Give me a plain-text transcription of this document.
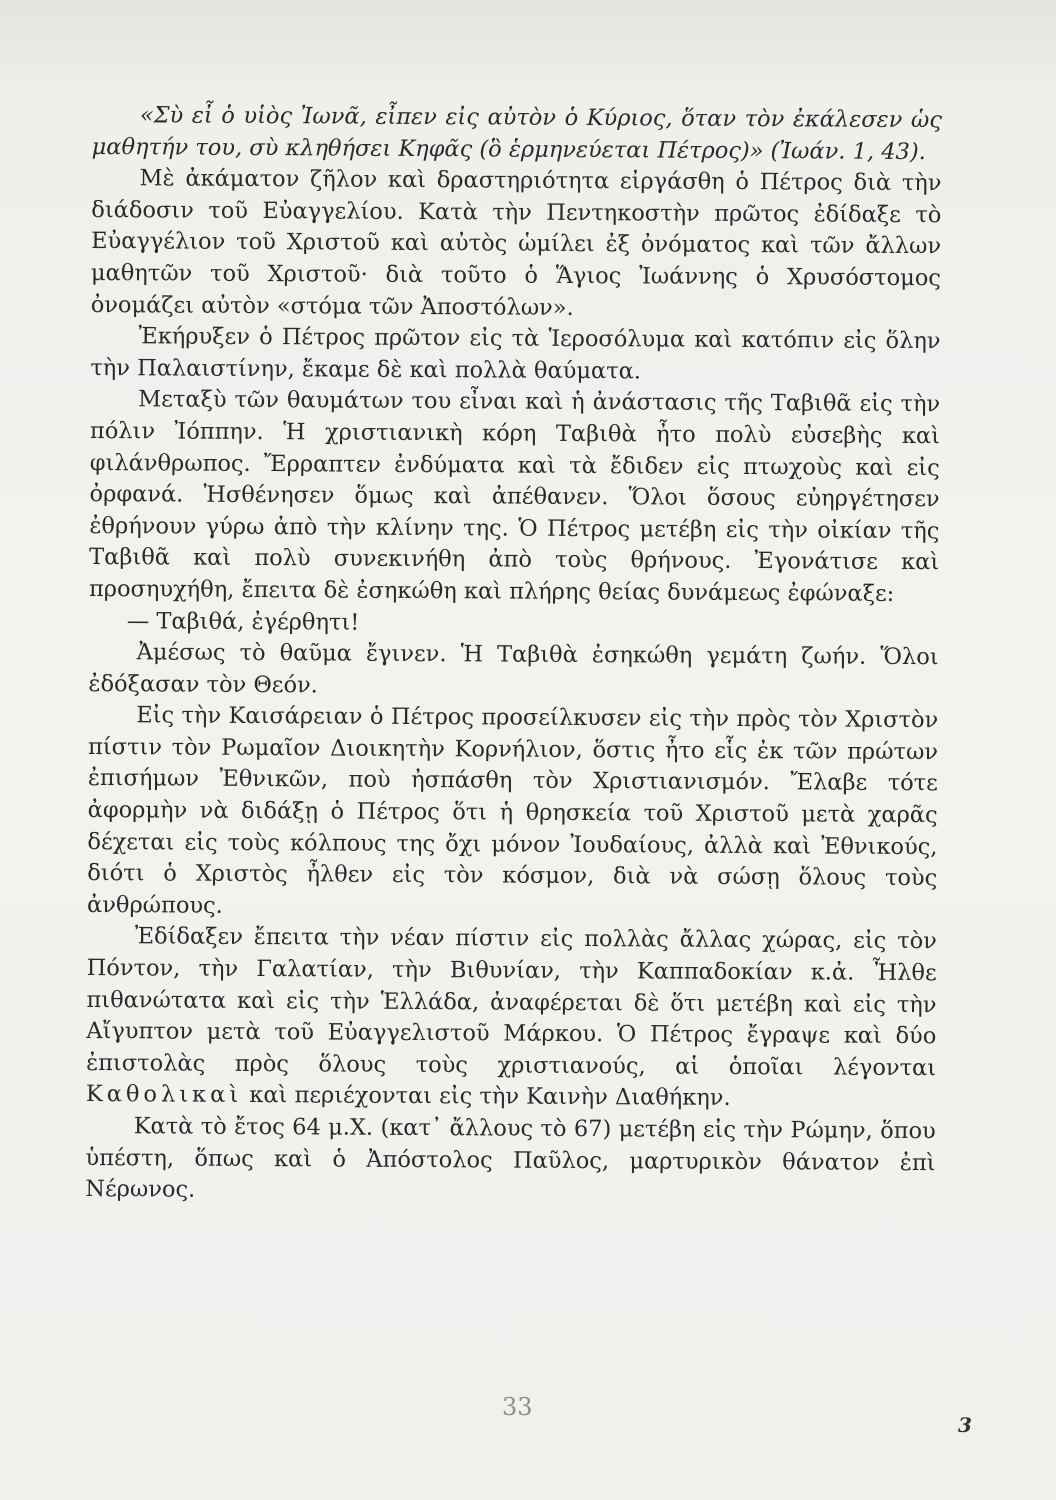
«Σὺ εἶ ὁ υἱὸς Ἰωνᾶ, εἶπεν εἰς αὐτὸν ὁ Κύριος, ὅταν τὸν ἐκάλεσεν ὡς μαθητήν του, σὺ κληθήσει Κηφᾶς (ὃ ἑρμηνεύεται Πέτρος)» (Ἰωάν. 1, 43).

Μὲ ἀκάματον ζῆλον καὶ δραστηριότητα εἰργάσθη ὁ Πέτρος διὰ τὴν διάδοσιν τοῦ Εὐαγγελίου. Κατὰ τὴν Πεντηκοστὴν πρῶτος ἐδίδαξε τὸ Εὐαγγέλιον τοῦ Χριστοῦ καὶ αὐτὸς ὡμίλει ἐξ ὀνόματος καὶ τῶν ἄλλων μαθητῶν τοῦ Χριστοῦ· διὰ τοῦτο ὁ Ἅγιος Ἰωάννης ὁ Χρυσόστομος ὀνομάζει αὐτὸν «στόμα τῶν Ἀποστόλων».

Ἐκήρυξεν ὁ Πέτρος πρῶτον εἰς τὰ Ἱεροσόλυμα καὶ κατόπιν εἰς ὅλην τὴν Παλαιστίνην, ἔκαμε δὲ καὶ πολλὰ θαύματα.

Μεταξὺ τῶν θαυμάτων του εἶναι καὶ ἡ ἀνάστασις τῆς Ταβιθᾶ εἰς τὴν πόλιν Ἰόππην. Ἡ χριστιανικὴ κόρη Ταβιθὰ ἦτο πολὺ εὐσεβὴς καὶ φιλάνθρωπος. Ἔρραπτεν ἐνδύματα καὶ τὰ ἔδιδεν εἰς πτωχοὺς καὶ εἰς ὀρφανά. Ἠσθένησεν ὅμως καὶ ἀπέθανεν. Ὅλοι ὅσους εὐηργέτησεν ἐθρήνουν γύρω ἀπὸ τὴν κλίνην της. Ὁ Πέτρος μετέβη εἰς τὴν οἰκίαν τῆς Ταβιθᾶ καὶ πολὺ συνεκινήθη ἀπὸ τοὺς θρήνους. Ἐγονάτισε καὶ προσηυχήθη, ἔπειτα δὲ ἐσηκώθη καὶ πλήρης θείας δυνάμεως ἐφώναξε:

— Ταβιθά, ἐγέρθητι!

Ἀμέσως τὸ θαῦμα ἔγινεν. Ἡ Ταβιθὰ ἐσηκώθη γεμάτη ζωήν. Ὅλοι ἐδόξασαν τὸν Θεόν.

Εἰς τὴν Καισάρειαν ὁ Πέτρος προσείλκυσεν εἰς τὴν πρὸς τὸν Χριστὸν πίστιν τὸν Ρωμαῖον Διοικητὴν Κορνήλιον, ὅστις ἦτο εἷς ἐκ τῶν πρώτων ἐπισήμων Ἐθνικῶν, ποὺ ἠσπάσθη τὸν Χριστιανισμόν. Ἔλαβε τότε ἀφορμὴν νὰ διδάξῃ ὁ Πέτρος ὅτι ἡ θρησκεία τοῦ Χριστοῦ μετὰ χαρᾶς δέχεται εἰς τοὺς κόλπους της ὄχι μόνον Ἰουδαίους, ἀλλὰ καὶ Ἐθνικούς, διότι ὁ Χριστὸς ἦλθεν εἰς τὸν κόσμον, διὰ νὰ σώσῃ ὅλους τοὺς ἀνθρώπους.

Ἐδίδαξεν ἔπειτα τὴν νέαν πίστιν εἰς πολλὰς ἄλλας χώρας, εἰς τὸν Πόντον, τὴν Γαλατίαν, τὴν Βιθυνίαν, τὴν Καππαδοκίαν κ.ἀ. Ἦλθε πιθανώτατα καὶ εἰς τὴν Ἑλλάδα, ἀναφέρεται δὲ ὅτι μετέβη καὶ εἰς τὴν Αἴγυπτον μετὰ τοῦ Εὐαγγελιστοῦ Μάρκου. Ὁ Πέτρος ἔγραψε καὶ δύο ἐπιστολὰς πρὸς ὅλους τοὺς χριστιανούς, αἱ ὁποῖαι λέγονται Καθολικαὶ καὶ περιέχονται εἰς τὴν Καινὴν Διαθήκην.

Κατὰ τὸ ἔτος 64 μ.Χ. (κατ᾿ ἄλλους τὸ 67) μετέβη εἰς τὴν Ρώμην, ὅπου ὑπέστη, ὅπως καὶ ὁ Ἀπόστολος Παῦλος, μαρτυρικὸν θάνατον ἐπὶ Νέρωνος.

33
3
